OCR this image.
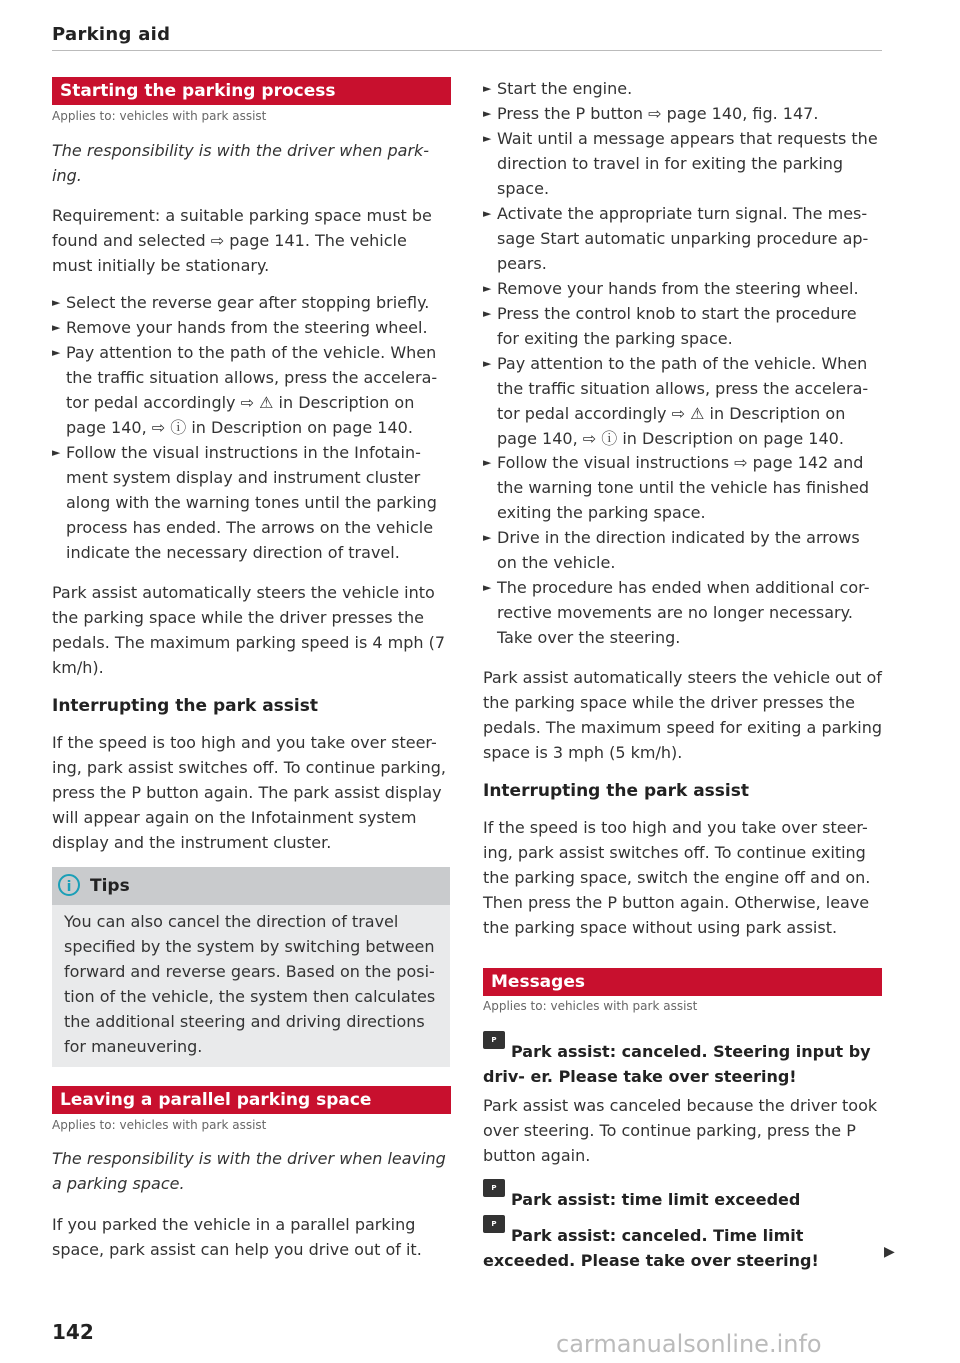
Parking aid
Starting the parking process
Applies to: vehicles with park assist

The responsibility is with the driver when park- ing.

Requirement: a suitable parking space must be found and selected ⇨ page 141. The vehicle must initially be stationary.

► Select the reverse gear after stopping briefly.
► Remove your hands from the steering wheel.
► Pay attention to the path of the vehicle. When the traffic situation allows, press the accelera- tor pedal accordingly ⇨ ⚠ in Description on page 140, ⇨ ⓘ in Description on page 140.
► Follow the visual instructions in the Infotain- ment system display and instrument cluster along with the warning tones until the parking process has ended. The arrows on the vehicle indicate the necessary direction of travel.

Park assist automatically steers the vehicle into the parking space while the driver presses the pedals. The maximum parking speed is 4 mph (7 km/h).

Interrupting the park assist

If the speed is too high and you take over steer- ing, park assist switches off. To continue parking, press the P button again. The park assist display will appear again on the Infotainment system display and the instrument cluster.

i	Tips
You can also cancel the direction of travel specified by the system by switching between forward and reverse gears. Based on the posi- tion of the vehicle, the system then calculates the additional steering and driving directions for maneuvering.
Leaving a parallel parking space
Applies to: vehicles with park assist

The responsibility is with the driver when leaving a parking space.

If you parked the vehicle in a parallel parking space, park assist can help you drive out of it.

► Start the engine.
► Press the P button ⇨ page 140, fig. 147.
► Wait until a message appears that requests the direction to travel in for exiting the parking space.
► Activate the appropriate turn signal. The mes- sage Start automatic unparking procedure ap- pears.
► Remove your hands from the steering wheel.
► Press the control knob to start the procedure for exiting the parking space.
► Pay attention to the path of the vehicle. When the traffic situation allows, press the accelera- tor pedal accordingly ⇨ ⚠ in Description on page 140, ⇨ ⓘ in Description on page 140.
► Follow the visual instructions ⇨ page 142 and the warning tone until the vehicle has finished exiting the parking space.
► Drive in the direction indicated by the arrows on the vehicle.
► The procedure has ended when additional cor- rective movements are no longer necessary. Take over the steering.

Park assist automatically steers the vehicle out of the parking space while the driver presses the pedals. The maximum speed for exiting a parking space is 3 mph (5 km/h).

Interrupting the park assist

If the speed is too high and you take over steer- ing, park assist switches off. To continue exiting the parking space, switch the engine off and on. Then press the P button again. Otherwise, leave the parking space without using park assist.

Messages
Applies to: vehicles with park assist
P OFF Park assist: canceled. Steering input by driv- er. Please take over steering!

Park assist was canceled because the driver took over steering. To continue parking, press the P button again.

P OFF Park assist: time limit exceeded
P OFF Park assist: canceled. Time limit exceeded. Please take over steering!	▶
142	carmanualsonline.info
